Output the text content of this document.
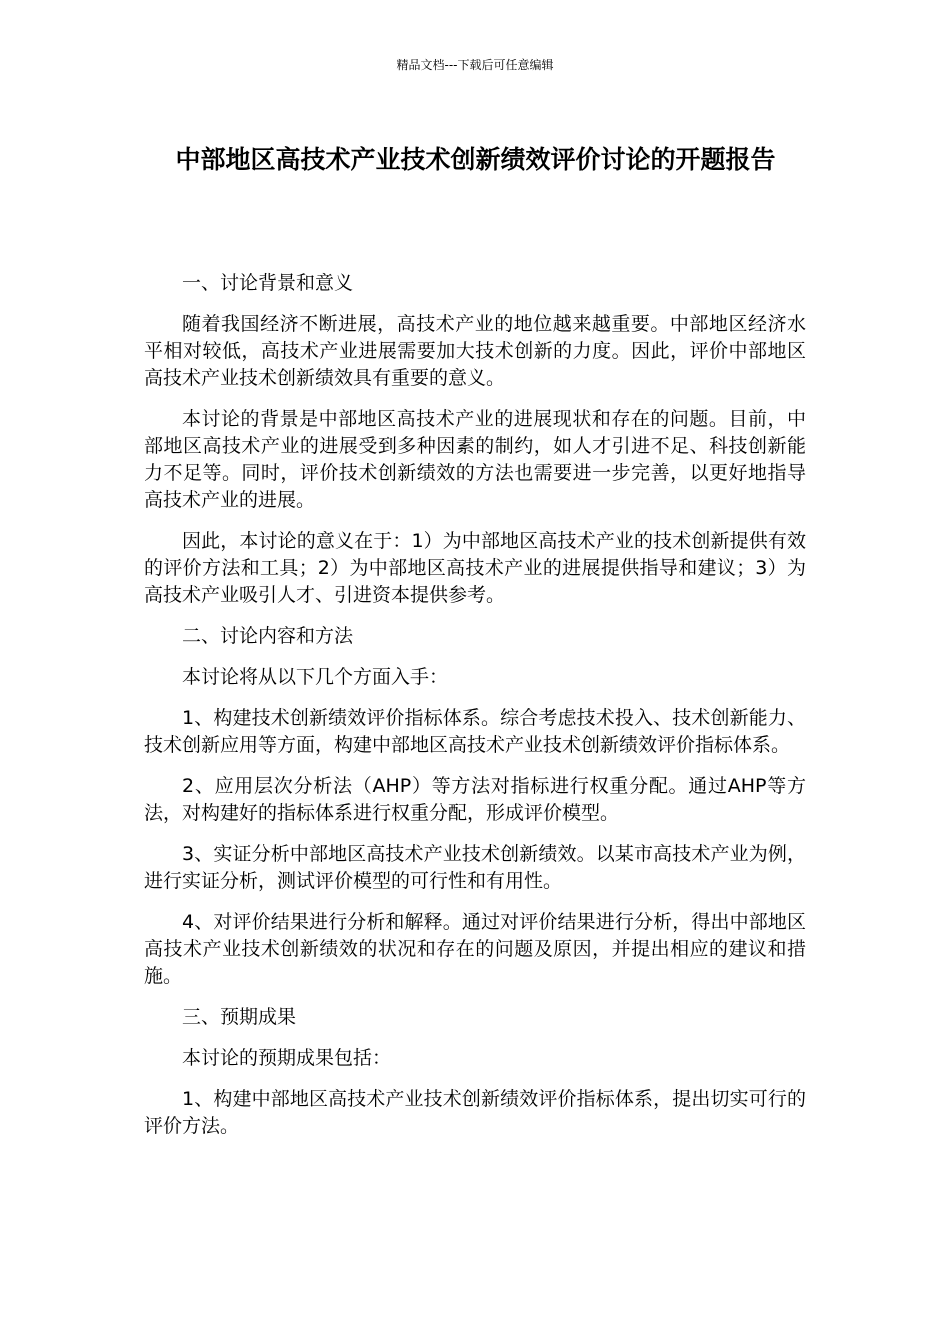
精品文档---下载后可任意编辑
中部地区高技术产业技术创新绩效评价讨论的开题报告
一、讨论背景和意义

随着我国经济不断进展，高技术产业的地位越来越重要。中部地区经济水平相对较低，高技术产业进展需要加大技术创新的力度。因此，评价中部地区高技术产业技术创新绩效具有重要的意义。

本讨论的背景是中部地区高技术产业的进展现状和存在的问题。目前，中部地区高技术产业的进展受到多种因素的制约，如人才引进不足、科技创新能力不足等。同时，评价技术创新绩效的方法也需要进一步完善，以更好地指导高技术产业的进展。

因此，本讨论的意义在于：1）为中部地区高技术产业的技术创新提供有效的评价方法和工具；2）为中部地区高技术产业的进展提供指导和建议；3）为高技术产业吸引人才、引进资本提供参考。

二、讨论内容和方法

本讨论将从以下几个方面入手：

1、构建技术创新绩效评价指标体系。综合考虑技术投入、技术创新能力、技术创新应用等方面，构建中部地区高技术产业技术创新绩效评价指标体系。

2、应用层次分析法（AHP）等方法对指标进行权重分配。通过AHP等方法，对构建好的指标体系进行权重分配，形成评价模型。

3、实证分析中部地区高技术产业技术创新绩效。以某市高技术产业为例，进行实证分析，测试评价模型的可行性和有用性。

4、对评价结果进行分析和解释。通过对评价结果进行分析，得出中部地区高技术产业技术创新绩效的状况和存在的问题及原因，并提出相应的建议和措施。

三、预期成果

本讨论的预期成果包括：

1、构建中部地区高技术产业技术创新绩效评价指标体系，提出切实可行的评价方法。
